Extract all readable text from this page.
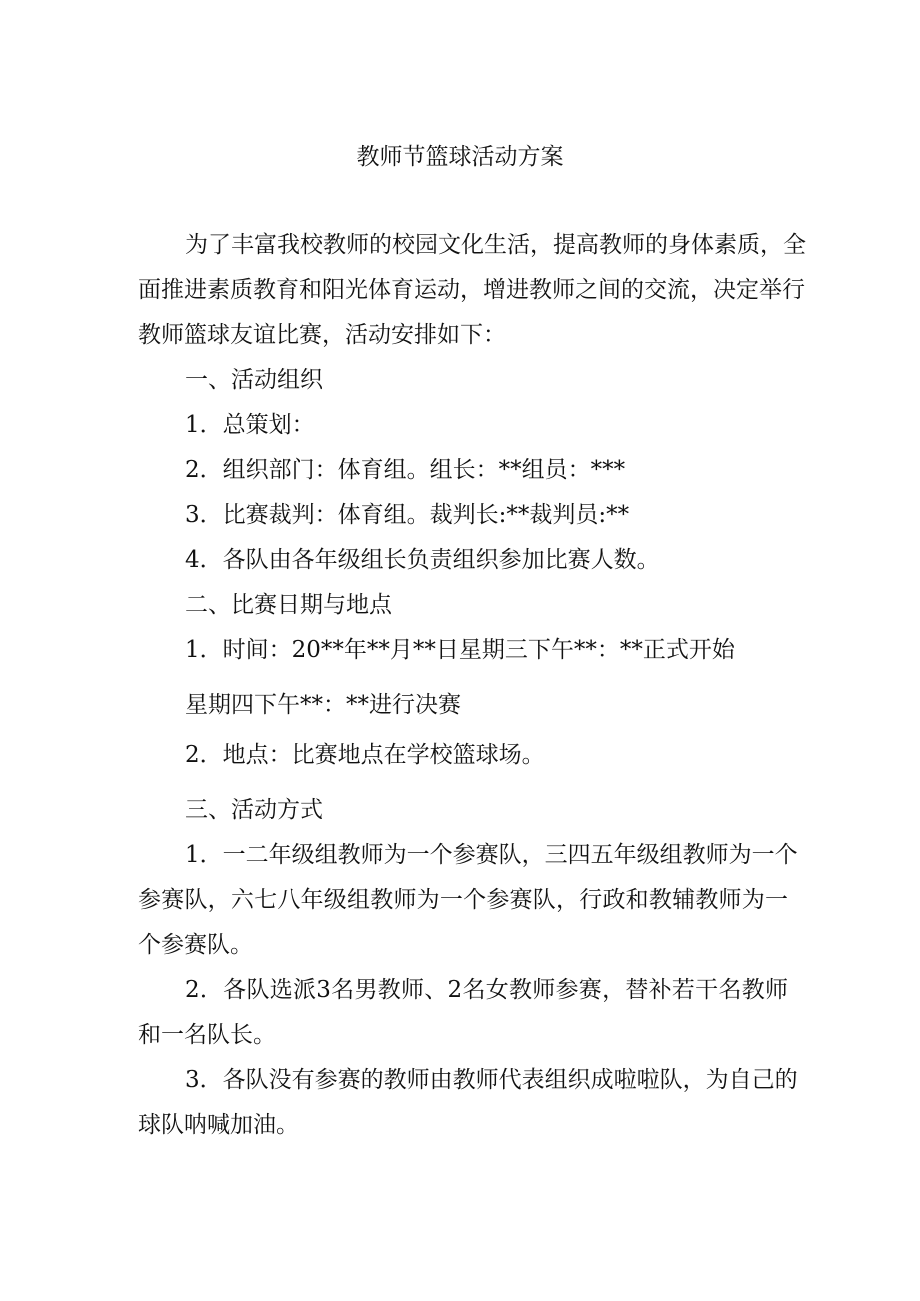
教师节篮球活动方案
为了丰富我校教师的校园文化生活，提高教师的身体素质，全
面推进素质教育和阳光体育运动，增进教师之间的交流，决定举行
教师篮球友谊比赛，活动安排如下：
一、活动组织
1．总策划：
2．组织部门：体育组。组长：**组员：***
3．比赛裁判：体育组。裁判长:**裁判员:**
4．各队由各年级组长负责组织参加比赛人数。
二、比赛日期与地点
1．时间：20**年**月**日星期三下午**：**正式开始
星期四下午**：**进行决赛
2．地点：比赛地点在学校篮球场。
三、活动方式
1．一二年级组教师为一个参赛队，三四五年级组教师为一个
参赛队，六七八年级组教师为一个参赛队，行政和教辅教师为一
个参赛队。
2．各队选派3名男教师、2名女教师参赛，替补若干名教师
和一名队长。
3．各队没有参赛的教师由教师代表组织成啦啦队，为自己的
球队呐喊加油。
